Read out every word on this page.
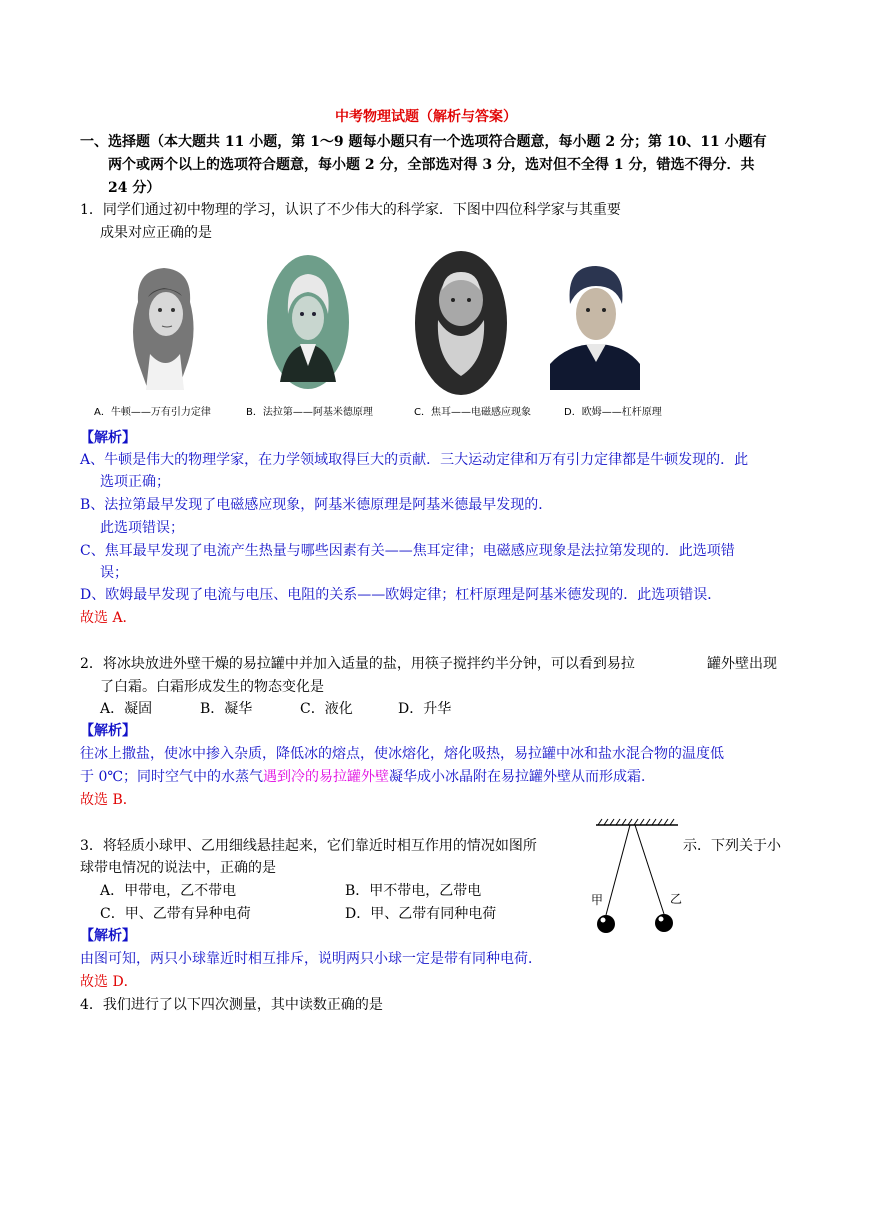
中考物理试题（解析与答案）
一、选择题（本大题共 11 小题，第 1～9 题每小题只有一个选项符合题意，每小题 2 分；第 10、11 小题有
两个或两个以上的选项符合题意，每小题 2 分，全部选对得 3 分，选对但不全得 1 分，错选不得分．共
24 分）
1．同学们通过初中物理的学习，认识了不少伟大的科学家．下图中四位科学家与其重要
成果对应正确的是
A．牛顿——万有引力定律	B．法拉第——阿基米德原理	C．焦耳——电磁感应现象	D．欧姆——杠杆原理
【解析】
A、牛顿是伟大的物理学家，在力学领域取得巨大的贡献．三大运动定律和万有引力定律都是牛顿发现的．此
选项正确；
B、法拉第最早发现了电磁感应现象，阿基米德原理是阿基米德最早发现的．
此选项错误；
C、焦耳最早发现了电流产生热量与哪些因素有关——焦耳定律；电磁感应现象是法拉第发现的．此选项错
误；
D、欧姆最早发现了电流与电压、电阻的关系——欧姆定律；杠杆原理是阿基米德发现的．此选项错误．
故选 A．
2．将冰块放进外壁干燥的易拉罐中并加入适量的盐，用筷子搅拌约半分钟，可以看到易拉	罐外壁出现
了白霜。白霜形成发生的物态变化是
A．凝固	B．凝华	C．液化	D．升华
【解析】
往冰上撒盐，使冰中掺入杂质，降低冰的熔点，使冰熔化，熔化吸热，易拉罐中冰和盐水混合物的温度低
于 0℃；同时空气中的水蒸气遇到冷的易拉罐外壁凝华成小冰晶附在易拉罐外壁从而形成霜．
故选 B．
3．将轻质小球甲、乙用细线悬挂起来，它们靠近时相互作用的情况如图所	示．下列关于小
球带电情况的说法中，正确的是
A．甲带电，乙不带电	B．甲不带电，乙带电
C．甲、乙带有异种电荷	D．甲、乙带有同种电荷
【解析】
由图可知，两只小球靠近时相互排斥，说明两只小球一定是带有同种电荷．
故选 D．
甲	乙
4．我们进行了以下四次测量，其中读数正确的是
